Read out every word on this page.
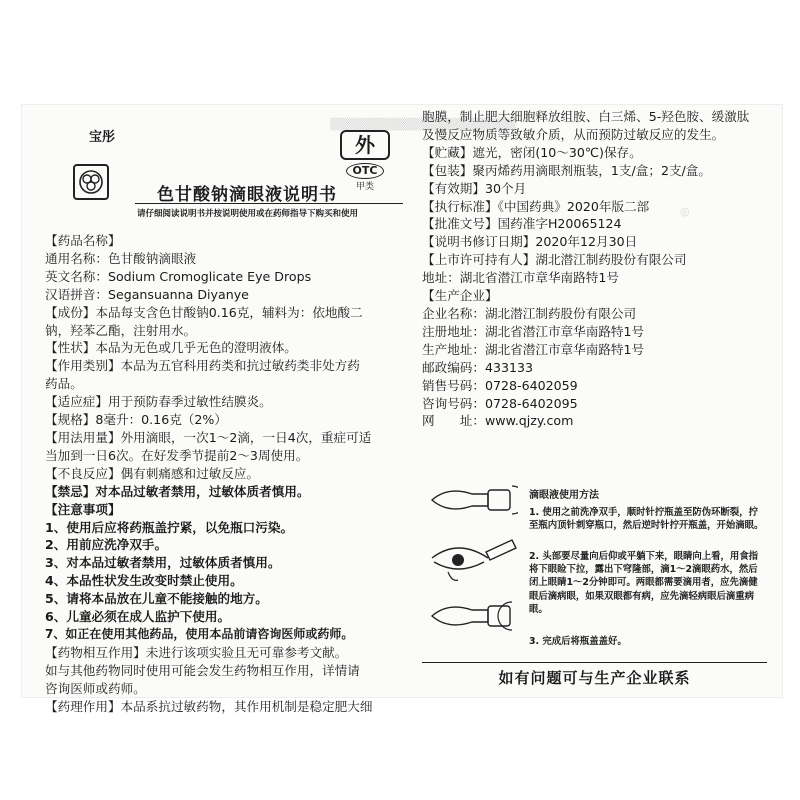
▒▒▒▒▒▒▒▒▒▒▒▒▒▒▒▒▒▒▒▒▒▒
◎
宝彤
色甘酸钠滴眼液说明书
外
OTC
甲类
请仔细阅读说明书并按说明使用或在药师指导下购买和使用
【药品名称】
通用名称：色甘酸钠滴眼液
英文名称：Sodium Cromoglicate Eye Drops
汉语拼音：Segansuanna Diyanye
【成份】本品每支含色甘酸钠0.16克，辅料为：依地酸二
钠，羟苯乙酯，注射用水。
【性状】本品为无色或几乎无色的澄明液体。
【作用类别】本品为五官科用药类和抗过敏药类非处方药
药品。
【适应症】用于预防春季过敏性结膜炎。
【规格】8毫升：0.16克（2%）
【用法用量】外用滴眼，一次1～2滴，一日4次，重症可适
当加到一日6次。在好发季节提前2～3周使用。
【不良反应】偶有刺痛感和过敏反应。
【禁忌】对本品过敏者禁用，过敏体质者慎用。
【注意事项】
1、使用后应将药瓶盖拧紧，以免瓶口污染。
2、用前应洗净双手。
3、对本品过敏者禁用，过敏体质者慎用。
4、本品性状发生改变时禁止使用。
5、请将本品放在儿童不能接触的地方。
6、儿童必须在成人监护下使用。
7、如正在使用其他药品，使用本品前请咨询医师或药师。
【药物相互作用】未进行该项实验且无可靠参考文献。
如与其他药物同时使用可能会发生药物相互作用，详情请
咨询医师或药师。
【药理作用】本品系抗过敏药物，其作用机制是稳定肥大细
胞膜，制止肥大细胞释放组胺、白三烯、5-羟色胺、缓激肽
及慢反应物质等致敏介质，从而预防过敏反应的发生。
【贮藏】遮光，密闭(10～30℃)保存。
【包装】聚丙烯药用滴眼剂瓶装，1支/盒；2支/盒。
【有效期】30个月
【执行标准】《中国药典》2020年版二部
【批准文号】国药准字H20065124
【说明书修订日期】2020年12月30日
【上市许可持有人】湖北潜江制药股份有限公司
地址：湖北省潜江市章华南路特1号
【生产企业】
企业名称：湖北潜江制药股份有限公司
注册地址：湖北省潜江市章华南路特1号
生产地址：湖北省潜江市章华南路特1号
邮政编码：433133
销售号码：0728-6402059
咨询号码：0728-6402095
网　　址：www.qjzy.com
滴眼液使用方法
1. 使用之前洗净双手，顺时针拧瓶盖至防伪环断裂，拧至瓶内顶针刺穿瓶口，然后逆时针拧开瓶盖，开始滴眼。
2. 头部要尽量向后仰或平躺下来，眼睛向上看，用食指将下眼睑下拉，露出下穹隆部，滴1～2滴眼药水，然后闭上眼睛1～2分钟即可。两眼都需要滴用者，应先滴健眼后滴病眼，如果双眼都有病，应先滴轻病眼后滴重病眼。
3. 完成后将瓶盖盖好。
如有问题可与生产企业联系
